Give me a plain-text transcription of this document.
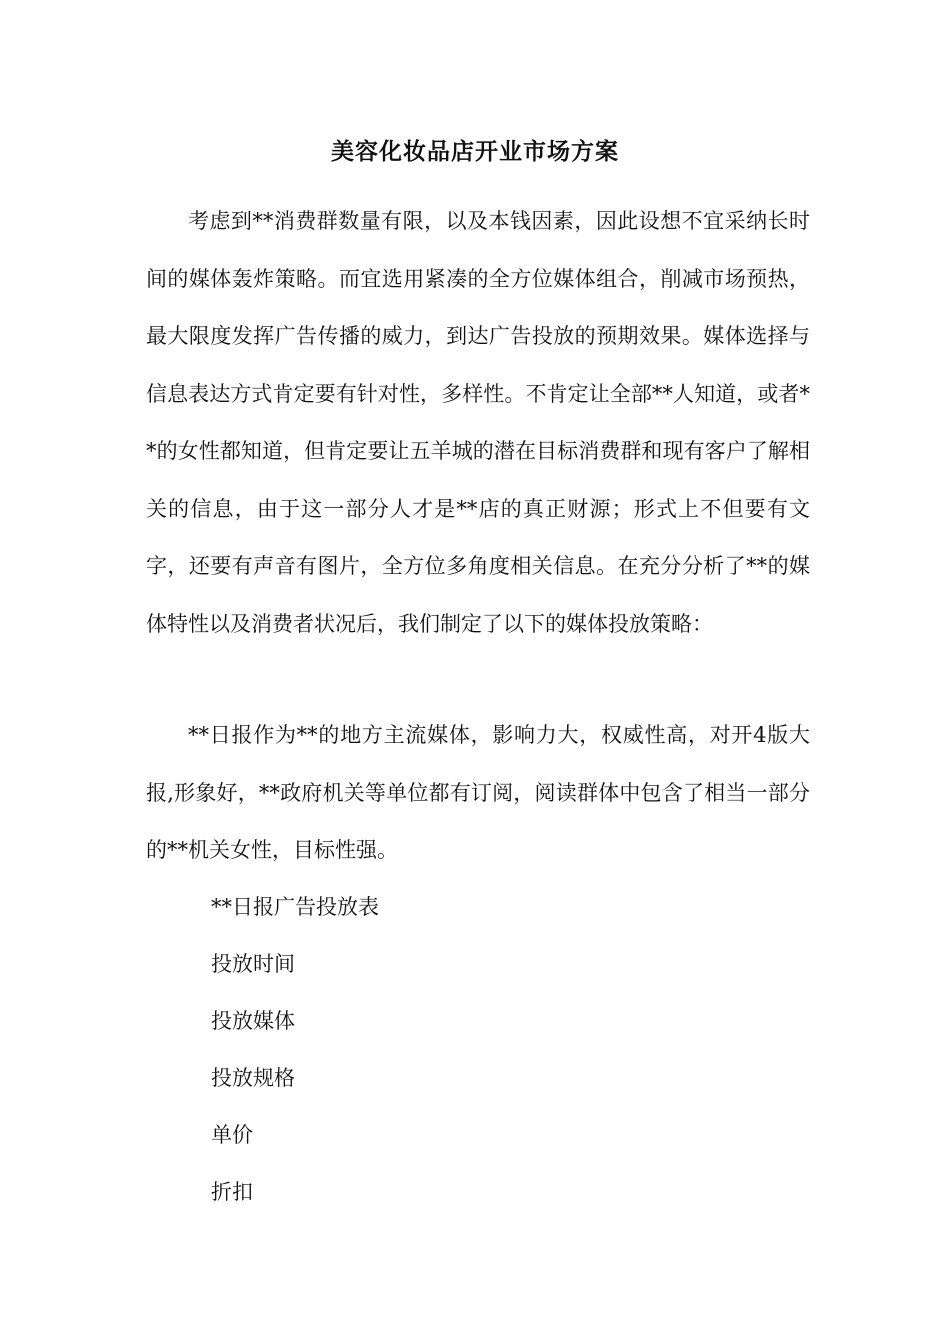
美容化妆品店开业市场方案

考虑到**消费群数量有限，以及本钱因素，因此设想不宜采纳长时间的媒体轰炸策略。而宜选用紧凑的全方位媒体组合，削减市场预热，最大限度发挥广告传播的威力，到达广告投放的预期效果。媒体选择与信息表达方式肯定要有针对性，多样性。不肯定让全部**人知道，或者**的女性都知道，但肯定要让五羊城的潜在目标消费群和现有客户了解相关的信息，由于这一部分人才是**店的真正财源；形式上不但要有文字，还要有声音有图片，全方位多角度相关信息。在充分分析了**的媒体特性以及消费者状况后，我们制定了以下的媒体投放策略：

**日报作为**的地方主流媒体，影响力大，权威性高，对开4版大报,形象好，**政府机关等单位都有订阅，阅读群体中包含了相当一部分的**机关女性，目标性强。

**日报广告投放表
投放时间
投放媒体
投放规格
单价
折扣
